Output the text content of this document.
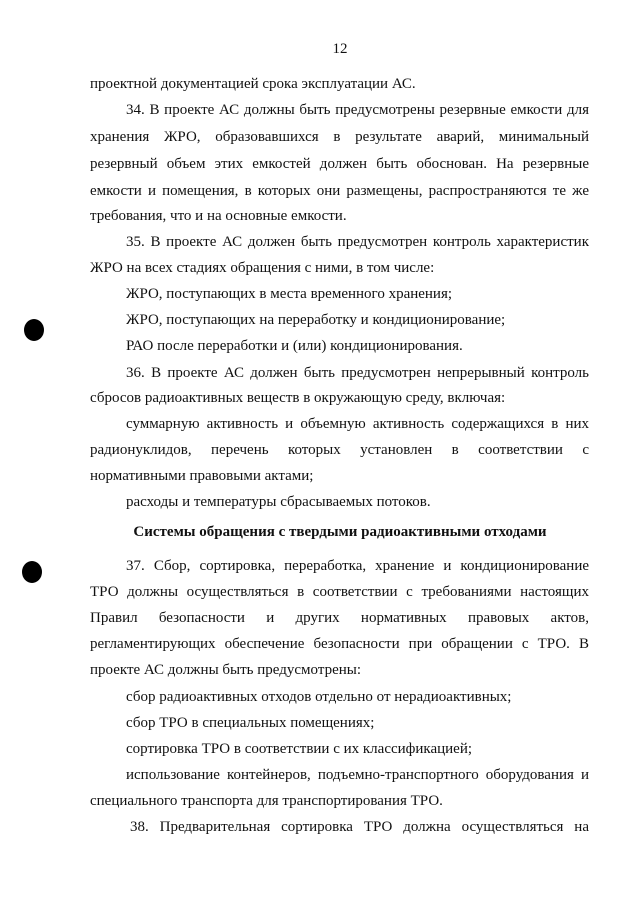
12
проектной документацией срока эксплуатации АС.
34. В проекте АС должны быть предусмотрены резервные емкости для
хранения ЖРО, образовавшихся в результате аварий, минимальный
резервный объем этих емкостей должен быть обоснован. На резервные
емкости и помещения, в которых они размещены, распространяются те же
требования, что и на основные емкости.
35. В проекте АС должен быть предусмотрен контроль характеристик
ЖРО на всех стадиях обращения с ними, в том числе:
ЖРО, поступающих в места временного хранения;
ЖРО, поступающих на переработку и кондиционирование;
РАО после переработки и (или) кондиционирования.
36. В проекте АС должен быть предусмотрен непрерывный контроль
сбросов радиоактивных веществ в окружающую среду, включая:
суммарную активность и объемную активность содержащихся в них
радионуклидов, перечень которых установлен в соответствии с
нормативными правовыми актами;
расходы и температуры сбрасываемых потоков.
Системы обращения с твердыми радиоактивными отходами
37. Сбор, сортировка, переработка, хранение и кондиционирование
ТРО должны осуществляться в соответствии с требованиями настоящих
Правил безопасности и других нормативных правовых актов,
регламентирующих обеспечение безопасности при обращении с ТРО. В
проекте АС должны быть предусмотрены:
сбор радиоактивных отходов отдельно от нерадиоактивных;
сбор ТРО в специальных помещениях;
сортировка ТРО в соответствии с их классификацией;
использование контейнеров, подъемно-транспортного оборудования и
специального транспорта для транспортирования ТРО.
38. Предварительная сортировка ТРО должна осуществляться на
